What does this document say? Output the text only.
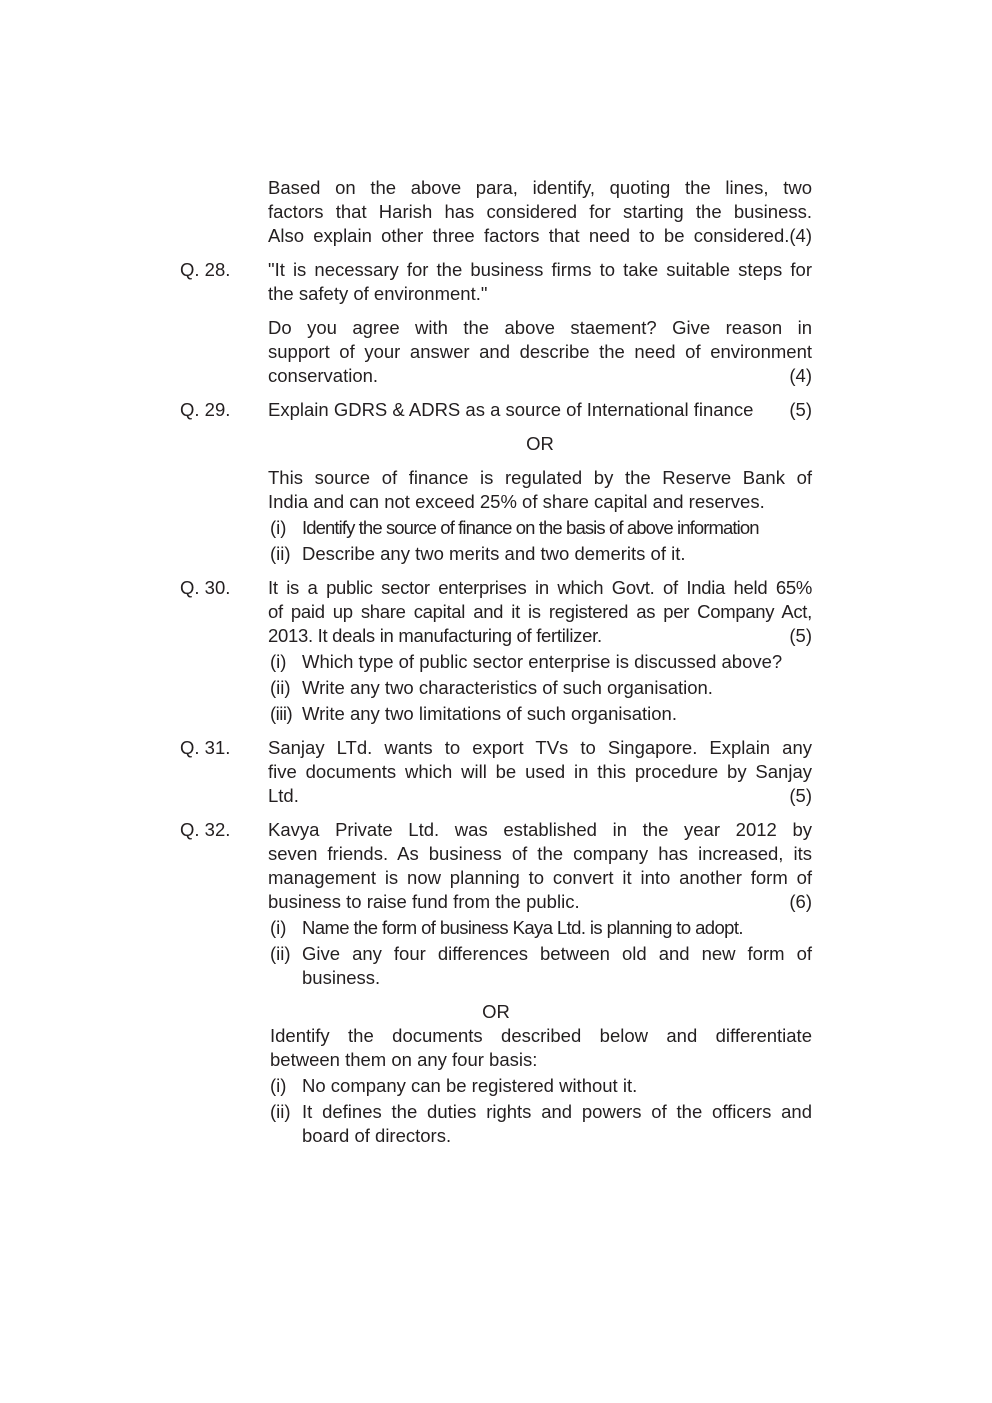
Based on the above para, identify, quoting the lines, two
factors that Harish has considered for starting the business.
Also explain other three factors that need to be considered.(4)
Q. 28.	"It is necessary for the business firms to take suitable steps for
the safety of environment."
Do you agree with the above staement? Give reason in
support of your answer and describe the need of environment
conservation.	(4)
Q. 29.	Explain GDRS & ADRS as a source of International finance (5)
OR
This source of finance is regulated by the Reserve Bank of
India and can not exceed 25% of share capital and reserves.
(i) Identify the source of finance on the basis of above information
(ii) Describe any two merits and two demerits of it.
Q. 30.	It is a public sector enterprises in which Govt. of India held 65%
of paid up share capital and it is registered as per Company Act,
2013. It deals in manufacturing of fertilizer.	(5)
(i) Which type of public sector enterprise is discussed above?
(ii) Write any two characteristics of such organisation.
(iii) Write any two limitations of such organisation.
Q. 31.	Sanjay LTd. wants to export TVs to Singapore. Explain any
five documents which will be used in this procedure by Sanjay
Ltd.	(5)
Q. 32.	Kavya Private Ltd. was established in the year 2012 by
seven friends. As business of the company has increased, its
management is now planning to convert it into another form of
business to raise fund from the public.	(6)
(i) Name the form of business Kaya Ltd. is planning to adopt.
(ii) Give any four differences between old and new form of
business.
OR
Identify the documents described below and differentiate
between them on any four basis:
(i) No company can be registered without it.
(ii) It defines the duties rights and powers of the officers and
board of directors.
